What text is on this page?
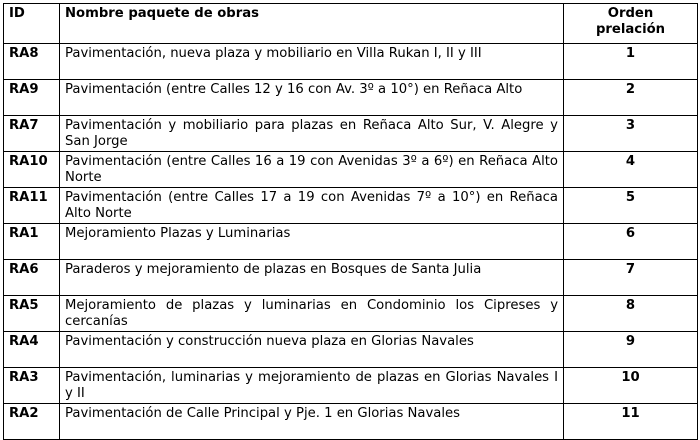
ID	Nombre paquete de obras	Orden
prelación
RA8	Pavimentación, nueva plaza y mobiliario en Villa Rukan I, II y III	1
RA9	Pavimentación (entre Calles 12 y 16 con Av. 3º a 10°) en Reñaca Alto	2
RA7	Pavimentación y mobiliario para plazas en Reñaca Alto Sur, V. Alegre y San Jorge	3
RA10	Pavimentación (entre Calles 16 a 19 con Avenidas 3º a 6º) en Reñaca Alto Norte	4
RA11	Pavimentación (entre Calles 17 a 19 con Avenidas 7º a 10°) en Reñaca Alto Norte	5
RA1	Mejoramiento Plazas y Luminarias	6
RA6	Paraderos y mejoramiento de plazas en Bosques de Santa Julia	7
RA5	Mejoramiento de plazas y luminarias en Condominio los Cipreses y cercanías	8
RA4	Pavimentación y construcción nueva plaza en Glorias Navales	9
RA3	Pavimentación, luminarias y mejoramiento de plazas en Glorias Navales I y II	10
RA2	Pavimentación de Calle Principal y Pje. 1 en Glorias Navales	11
